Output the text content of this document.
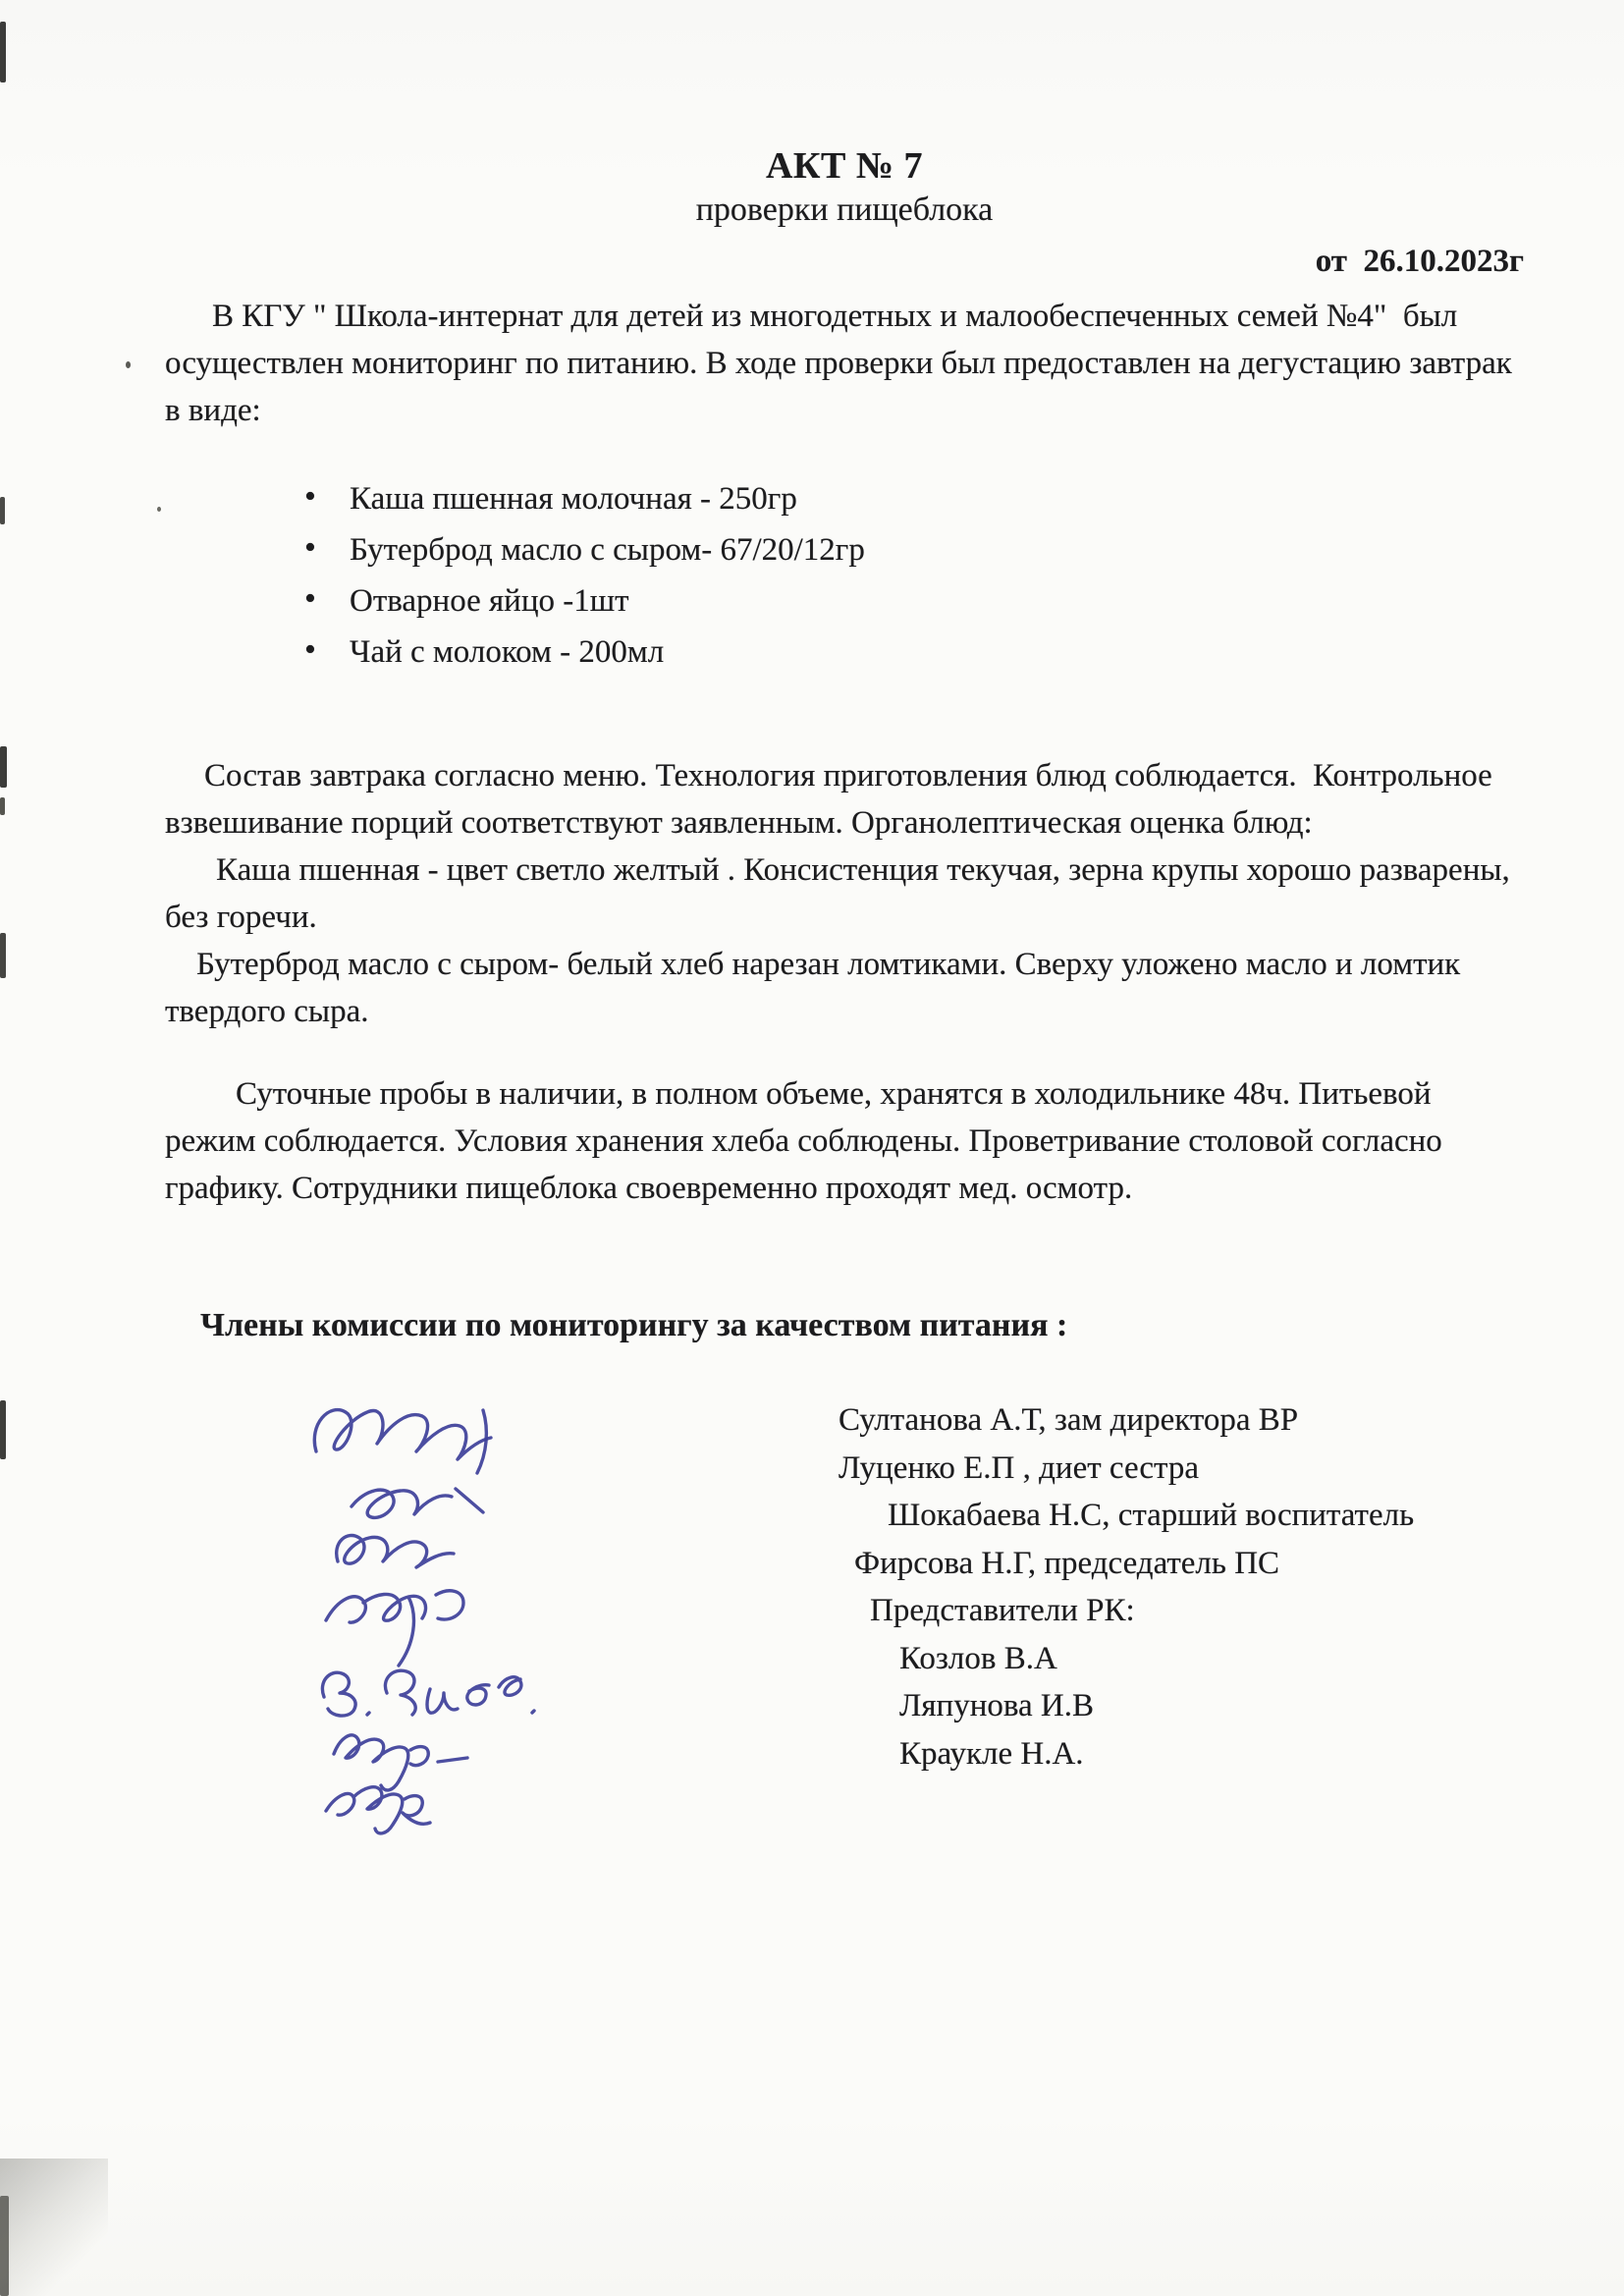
АКТ № 7
проверки пищеблока
от  26.10.2023г

В КГУ " Школа-интернат для детей из многодетных и малообеспеченных семей №4"  был осуществлен мониторинг по питанию. В ходе проверки был предоставлен на дегустацию завтрак в виде:

• Каша пшенная молочная - 250гр
• Бутерброд масло с сыром- 67/20/12гр
• Отварное яйцо -1шт
• Чай с молоком - 200мл

Состав завтрака согласно меню. Технология приготовления блюд соблюдается.  Контрольное взвешивание порций соответствуют заявленным. Органолептическая оценка блюд:

Каша пшенная - цвет светло желтый . Консистенция текучая, зерна крупы хорошо разварены, без горечи.

Бутерброд масло с сыром- белый хлеб нарезан ломтиками. Сверху уложено масло и ломтик твердого сыра.

Суточные пробы в наличии, в полном объеме, хранятся в холодильнике 48ч. Питьевой режим соблюдается. Условия хранения хлеба соблюдены. Проветривание столовой согласно графику. Сотрудники пищеблока своевременно проходят мед. осмотр.

Члены комиссии по мониторингу за качеством питания :
Султанова А.Т, зам директора ВР
Луценко Е.П , диет сестра
Шокабаева Н.С, старший воспитатель
Фирсова Н.Г, председатель ПС
Представители РК:
Козлов В.А
Ляпунова И.В
Краукле Н.А.
